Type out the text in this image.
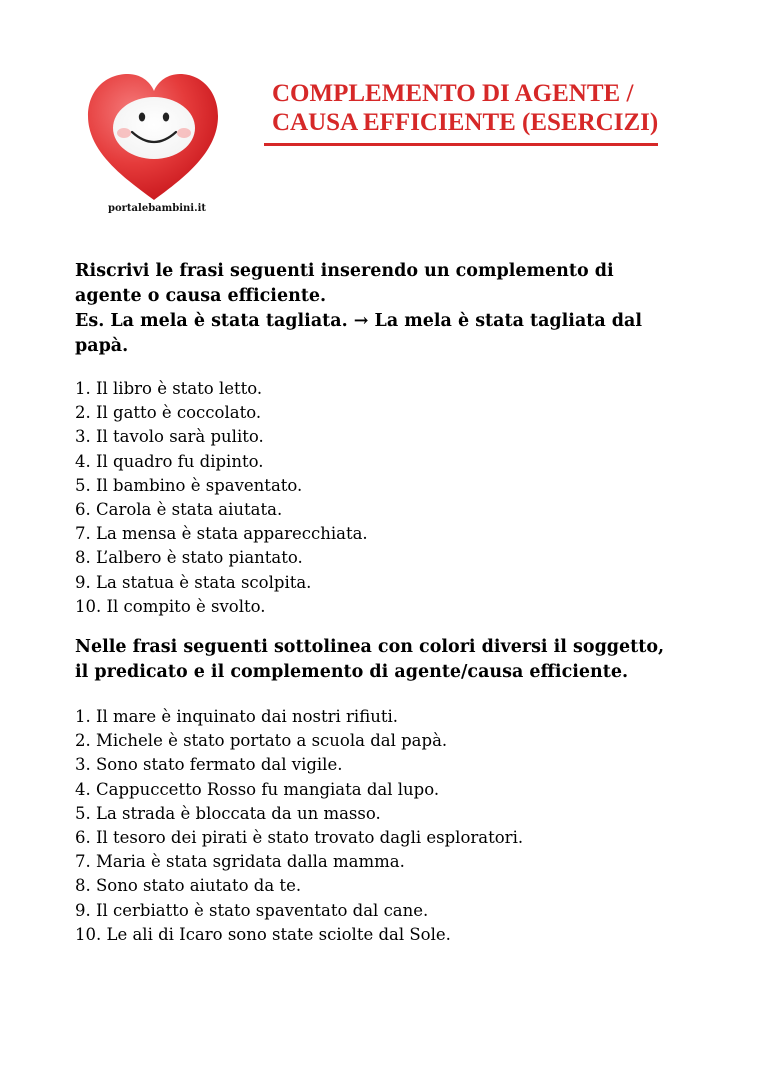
portalebambini.it
COMPLEMENTO DI AGENTE /
CAUSA EFFICIENTE (ESERCIZI)

Riscrivi le frasi seguenti inserendo un complemento di
agente o causa efficiente.
Es. La mela è stata tagliata. → La mela è stata tagliata dal
papà.

1. Il libro è stato letto.
2. Il gatto è coccolato.
3. Il tavolo sarà pulito.
4. Il quadro fu dipinto.
5. Il bambino è spaventato.
6. Carola è stata aiutata.
7. La mensa è stata apparecchiata.
8. L’albero è stato piantato.
9. La statua è stata scolpita.
10. Il compito è svolto.

Nelle frasi seguenti sottolinea con colori diversi il soggetto,
il predicato e il complemento di agente/causa efficiente.

1. Il mare è inquinato dai nostri rifiuti.
2. Michele è stato portato a scuola dal papà.
3. Sono stato fermato dal vigile.
4. Cappuccetto Rosso fu mangiata dal lupo.
5. La strada è bloccata da un masso.
6. Il tesoro dei pirati è stato trovato dagli esploratori.
7. Maria è stata sgridata dalla mamma.
8. Sono stato aiutato da te.
9. Il cerbiatto è stato spaventato dal cane.
10. Le ali di Icaro sono state sciolte dal Sole.
